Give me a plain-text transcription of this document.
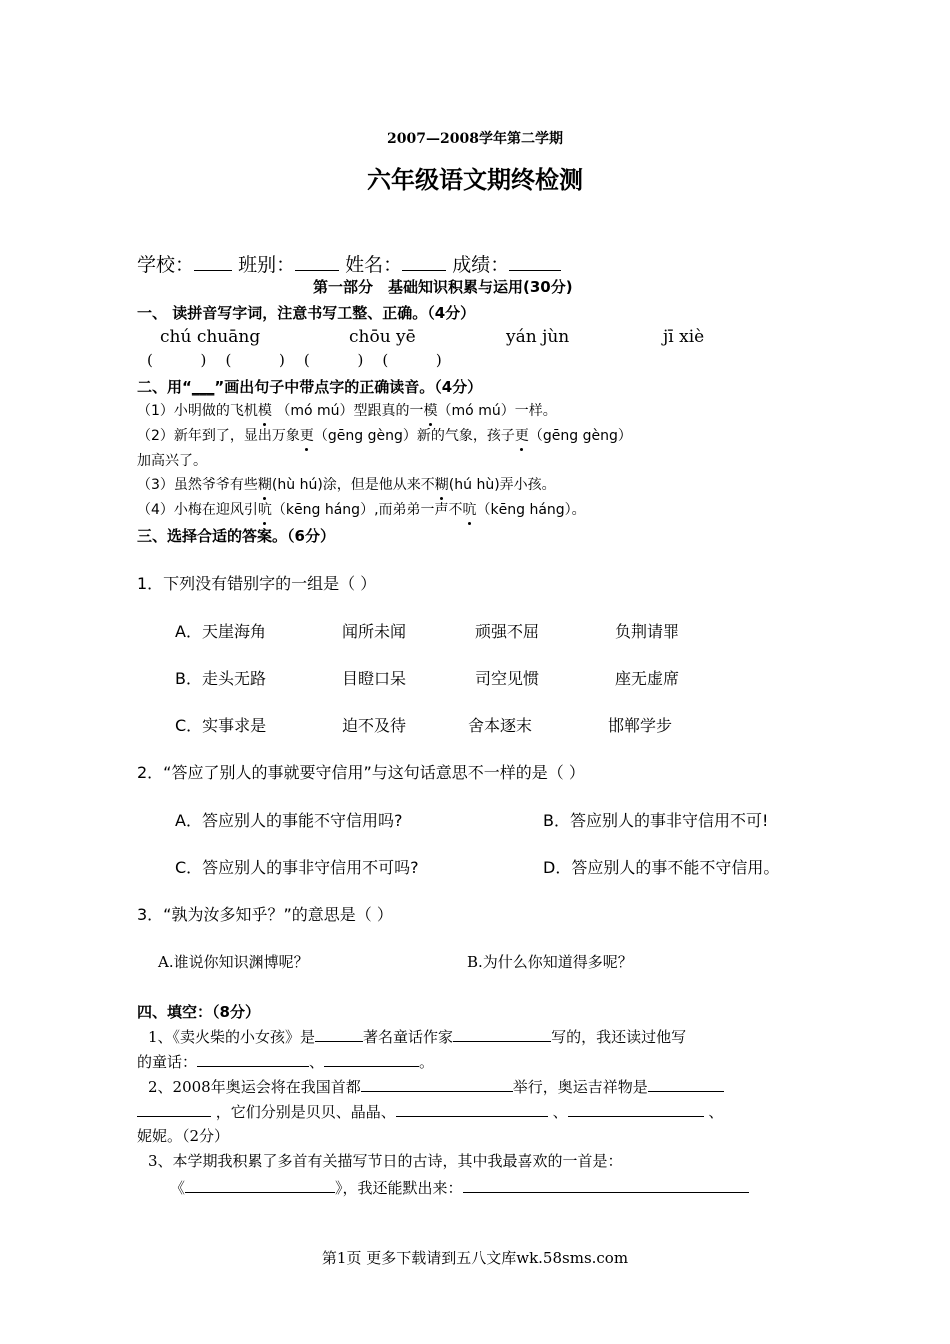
2007—2008学年第二学期
六年级语文期终检测
学校： 班别：	姓名：	成绩：
第一部分　基础知识积累与运用(30分)
一、 读拼音写字词，注意书写工整、正确。（4分）
chú chuāng	chōu yē	yán jùn	jī xiè
(          )    (          )    (          )    (          )
二、用“___”画出句子中带点字的正确读音。（4分）
（1）小明做的飞机模 （mó mú）型跟真的一模（mó mú）一样。
（2）新年到了，显出万象更（gēng gèng）新的气象，孩子更（gēng gèng）
加高兴了。
（3）虽然爷爷有些糊(hù hú)涂，但是他从来不糊(hú hù)弄小孩。
（4）小梅在迎风引吭（kēng háng）,而弟弟一声不吭（kēng háng）。
三、选择合适的答案。（6分）
1．下列没有错别字的一组是（ ）
A．天崖海角	闻所未闻	顽强不屈	负荆请罪
B．走头无路	目瞪口呆	司空见惯	座无虚席
C．实事求是	迫不及待	舍本逐末	邯郸学步
2．“答应了别人的事就要守信用”与这句话意思不一样的是（ ）
A．答应别人的事能不守信用吗?	B．答应别人的事非守信用不可!
C．答应别人的事非守信用不可吗?	D．答应别人的事不能不守信用。
3．“孰为汝多知乎？”的意思是（ ）
A.谁说你知识渊博呢？	B.为什么你知道得多呢？
四、填空：（8分）
1、《卖火柴的小女孩》是	著名童话作家	写的，我还读过他写
的童话：	、	。
2、2008年奥运会将在我国首都	举行，奥运吉祥物是
，它们分别是贝贝、晶晶、	、	、
妮妮。（2分）
3、本学期我积累了多首有关描写节日的古诗，其中我最喜欢的一首是：
《	》，我还能默出来：
第1页 更多下载请到五八文库wk.58sms.com
